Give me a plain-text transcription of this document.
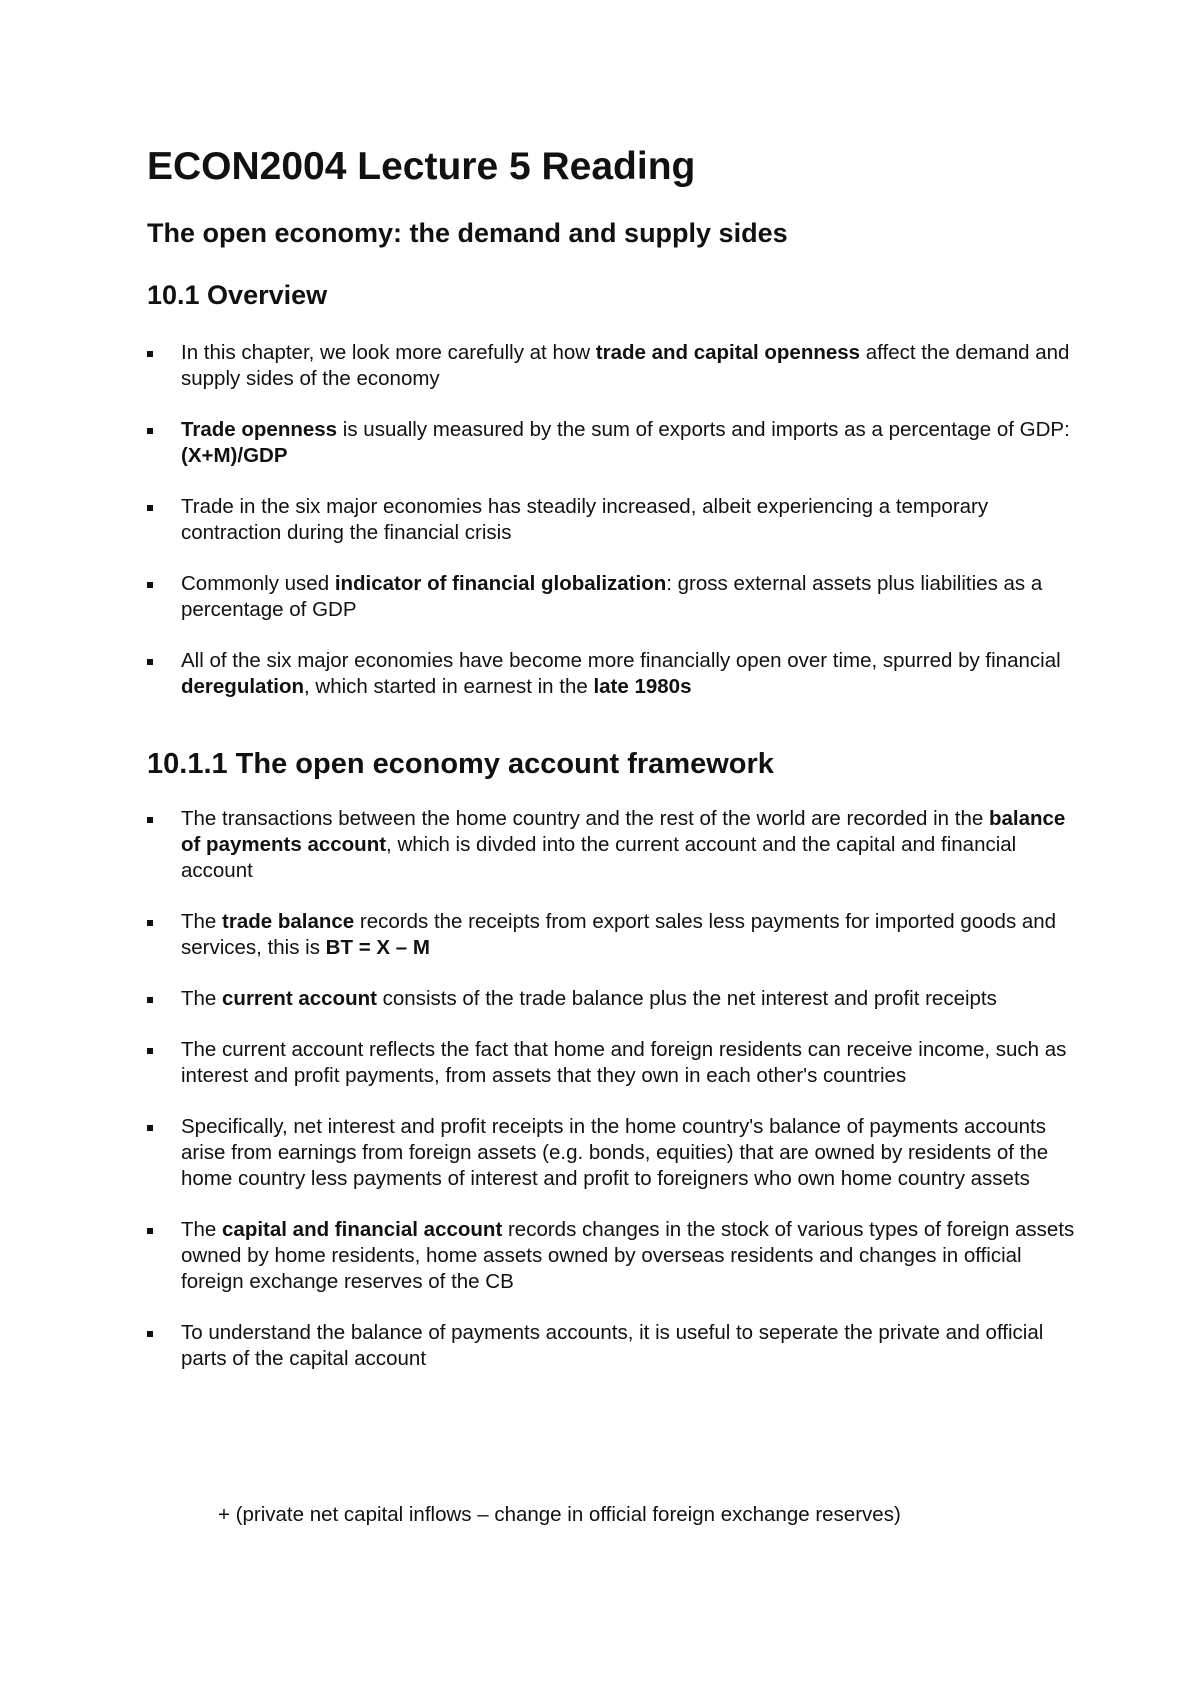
ECON2004 Lecture 5 Reading
The open economy: the demand and supply sides
10.1 Overview
In this chapter, we look more carefully at how trade and capital openness affect the demand and supply sides of the economy
Trade openness is usually measured by the sum of exports and imports as a percentage of GDP: (X+M)/GDP
Trade in the six major economies has steadily increased, albeit experiencing a temporary contraction during the financial crisis
Commonly used indicator of financial globalization: gross external assets plus liabilities as a percentage of GDP
All of the six major economies have become more financially open over time, spurred by financial deregulation, which started in earnest in the late 1980s
10.1.1 The open economy account framework
The transactions between the home country and the rest of the world are recorded in the balance of payments account, which is divded into the current account and the capital and financial account
The trade balance records the receipts from export sales less payments for imported goods and services, this is BT = X – M
The current account consists of the trade balance plus the net interest and profit receipts
The current account reflects the fact that home and foreign residents can receive income, such as interest and profit payments, from assets that they own in each other's countries
Specifically, net interest and profit receipts in the home country's balance of payments accounts arise from earnings from foreign assets (e.g. bonds, equities) that are owned by residents of the home country less payments of interest and profit to foreigners who own home country assets
The capital and financial account records changes in the stock of various types of foreign assets owned by home residents, home assets owned by overseas residents and changes in official foreign exchange reserves of the CB
To understand the balance of payments accounts, it is useful to seperate the private and official parts of the capital account

+ (private net capital inflows – change in official foreign exchange reserves)
